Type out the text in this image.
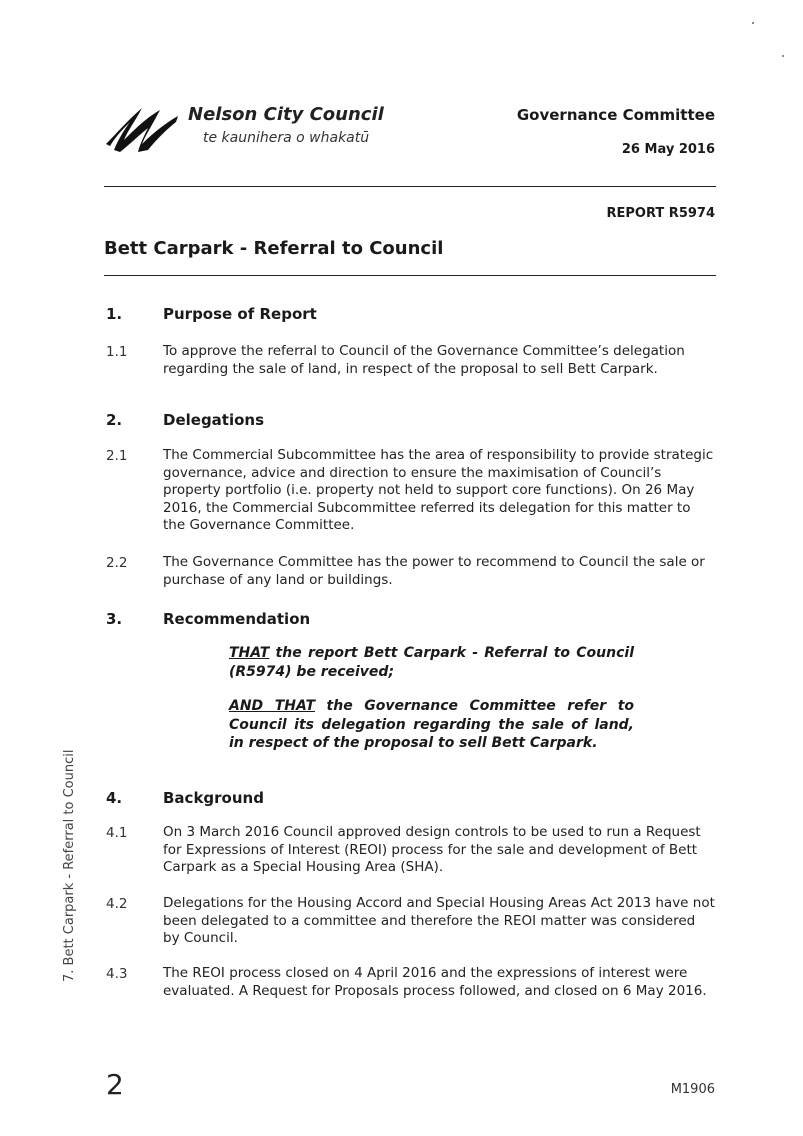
Nelson City Council
te kaunihera o whakatū
Governance Committee
26 May 2016
REPORT R5974
Bett Carpark - Referral to Council
1.	Purpose of Report
1.1	To approve the referral to Council of the Governance Committee’s delegation regarding the sale of land, in respect of the proposal to sell Bett Carpark.
2.	Delegations
2.1	The Commercial Subcommittee has the area of responsibility to provide strategic governance, advice and direction to ensure the maximisation of Council’s property portfolio (i.e. property not held to support core functions). On 26 May 2016, the Commercial Subcommittee referred its delegation for this matter to the Governance Committee.
2.2	The Governance Committee has the power to recommend to Council the sale or purchase of any land or buildings.
3.	Recommendation
THAT the report Bett Carpark - Referral to Council (R5974) be received;
AND THAT the Governance Committee refer to Council its delegation regarding the sale of land, in respect of the proposal to sell Bett Carpark.
4.	Background
4.1	On 3 March 2016 Council approved design controls to be used to run a Request for Expressions of Interest (REOI) process for the sale and development of Bett Carpark as a Special Housing Area (SHA).
4.2	Delegations for the Housing Accord and Special Housing Areas Act 2013 have not been delegated to a committee and therefore the REOI matter was considered by Council.
4.3	The REOI process closed on 4 April 2016 and the expressions of interest were evaluated. A Request for Proposals process followed, and closed on 6 May 2016.
7. Bett Carpark - Referral to Council
2	M1906
